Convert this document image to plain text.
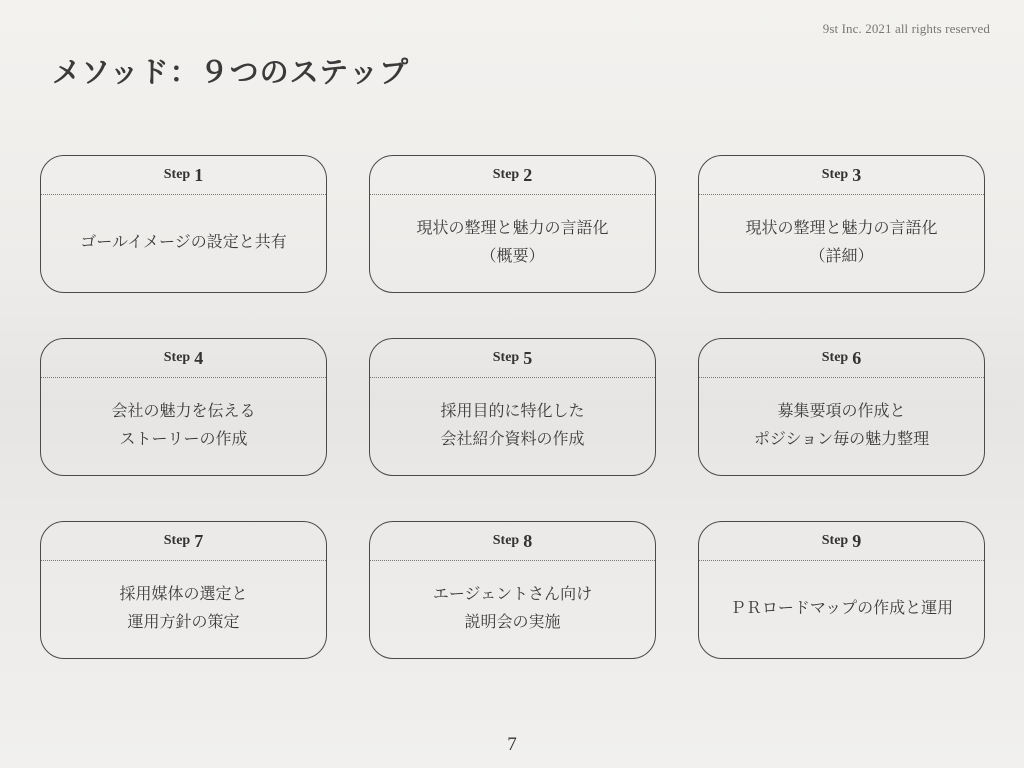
9st Inc. 2021 all rights reserved
メソッド：９つのステップ
Step 1
ゴールイメージの設定と共有
Step 2
現状の整理と魅力の言語化
（概要）
Step 3
現状の整理と魅力の言語化
（詳細）
Step 4
会社の魅力を伝える
ストーリーの作成
Step 5
採用目的に特化した
会社紹介資料の作成
Step 6
募集要項の作成と
ポジション毎の魅力整理
Step 7
採用媒体の選定と
運用方針の策定
Step 8
エージェントさん向け
説明会の実施
Step 9
ＰＲロードマップの作成と運用
7
